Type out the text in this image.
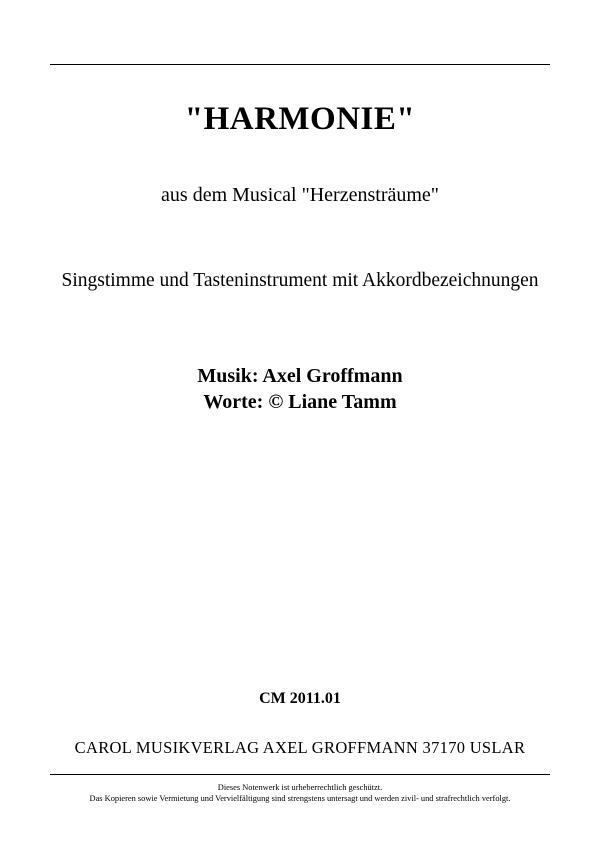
"HARMONIE"
aus dem Musical "Herzensträume"
Singstimme und Tasteninstrument mit Akkordbezeichnungen
Musik: Axel Groffmann
Worte: © Liane Tamm
CM 2011.01
CAROL MUSIKVERLAG AXEL GROFFMANN 37170 USLAR
Dieses Notenwerk ist urheberrechtlich geschützt.
Das Kopieren sowie Vermietung und Vervielfältigung sind strengstens untersagt und werden zivil- und strafrechtlich verfolgt.
